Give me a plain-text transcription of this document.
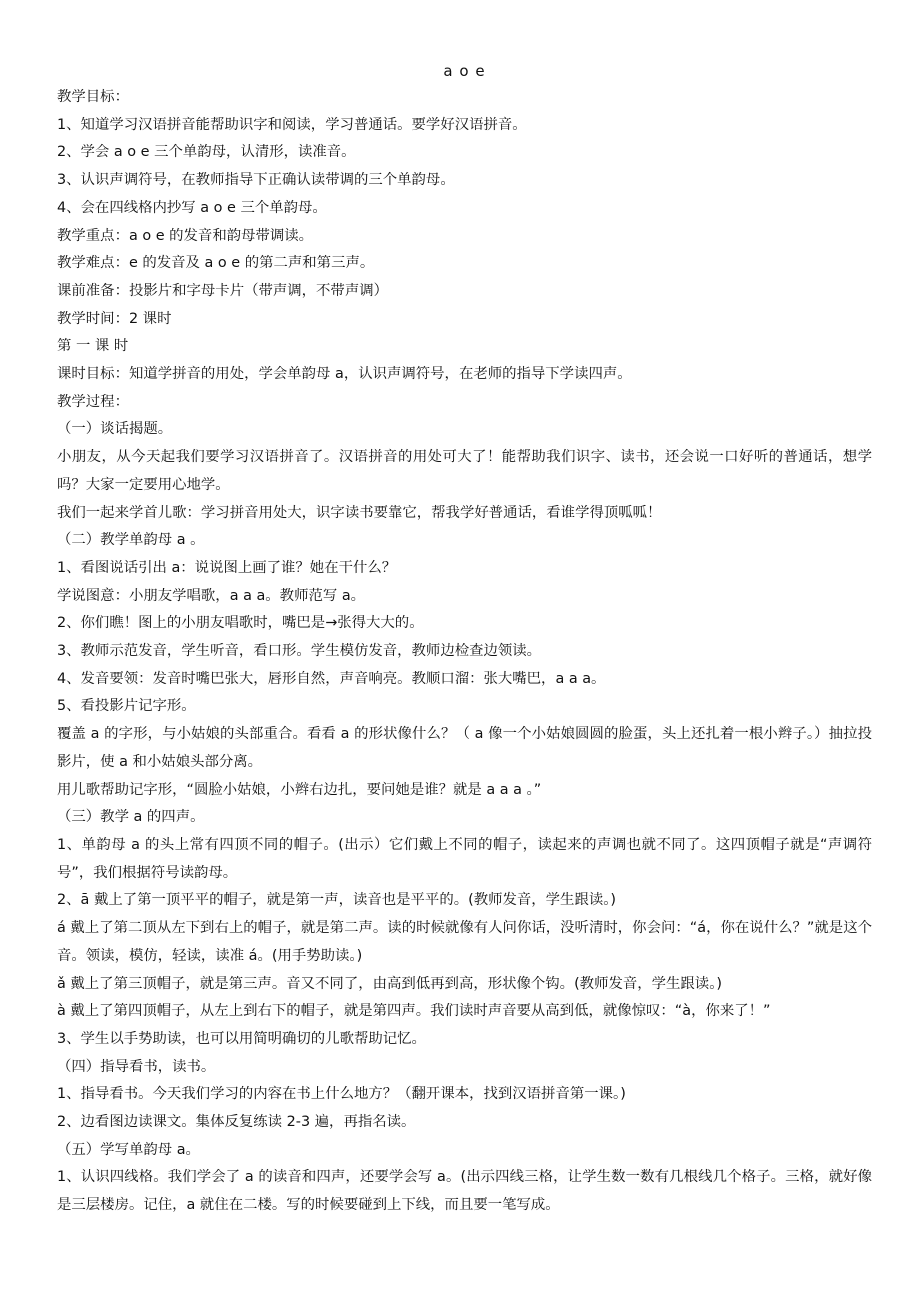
a o e
教学目标：
1、知道学习汉语拼音能帮助识字和阅读，学习普通话。要学好汉语拼音。
2、学会 a o e 三个单韵母，认清形，读准音。
3、认识声调符号，在教师指导下正确认读带调的三个单韵母。
4、会在四线格内抄写 a o e 三个单韵母。
教学重点：a o e 的发音和韵母带调读。
教学难点：e 的发音及 a o e 的第二声和第三声。
课前准备：投影片和字母卡片（带声调，不带声调）
教学时间：2 课时
第 一 课 时
课时目标：知道学拼音的用处，学会单韵母 a，认识声调符号，在老师的指导下学读四声。
教学过程：
（一）谈话揭题。
小朋友，从今天起我们要学习汉语拼音了。汉语拼音的用处可大了！能帮助我们识字、读书，还会说一口好听的普通话，想学吗？大家一定要用心地学。
我们一起来学首儿歌：学习拼音用处大，识字读书要靠它，帮我学好普通话，看谁学得顶呱呱！
（二）教学单韵母 a 。
1、看图说话引出 a：说说图上画了谁？她在干什么？
学说图意：小朋友学唱歌，a a a。教师范写 a。
2、你们瞧！图上的小朋友唱歌时，嘴巴是→张得大大的。
3、教师示范发音，学生听音，看口形。学生模仿发音，教师边检查边领读。
4、发音要领：发音时嘴巴张大，唇形自然，声音响亮。教顺口溜：张大嘴巴，a a a。
5、看投影片记字形。
覆盖 a 的字形，与小姑娘的头部重合。看看 a 的形状像什么？（ a 像一个小姑娘圆圆的脸蛋，头上还扎着一根小辫子。）抽拉投影片，使 a 和小姑娘头部分离。
用儿歌帮助记字形，“圆脸小姑娘，小辫右边扎，要问她是谁？就是 a a a 。”
（三）教学 a 的四声。
1、单韵母 a 的头上常有四顶不同的帽子。(出示）它们戴上不同的帽子，读起来的声调也就不同了。这四顶帽子就是“声调符号”，我们根据符号读韵母。
2、ā 戴上了第一顶平平的帽子，就是第一声，读音也是平平的。(教师发音，学生跟读。)
á 戴上了第二顶从左下到右上的帽子，就是第二声。读的时候就像有人问你话，没听清时，你会问：“á，你在说什么？”就是这个音。领读，模仿，轻读，读准 á。(用手势助读。)
ǎ 戴上了第三顶帽子，就是第三声。音又不同了，由高到低再到高，形状像个钩。(教师发音，学生跟读。)
à 戴上了第四顶帽子，从左上到右下的帽子，就是第四声。我们读时声音要从高到低，就像惊叹：“à，你来了！”
3、学生以手势助读，也可以用简明确切的儿歌帮助记忆。
（四）指导看书，读书。
1、指导看书。今天我们学习的内容在书上什么地方？（翻开课本，找到汉语拼音第一课。)
2、边看图边读课文。集体反复练读 2-3 遍，再指名读。
（五）学写单韵母 a。
1、认识四线格。我们学会了 a 的读音和四声，还要学会写 a。(出示四线三格，让学生数一数有几根线几个格子。三格，就好像是三层楼房。记住，a 就住在二楼。写的时候要碰到上下线，而且要一笔写成。
